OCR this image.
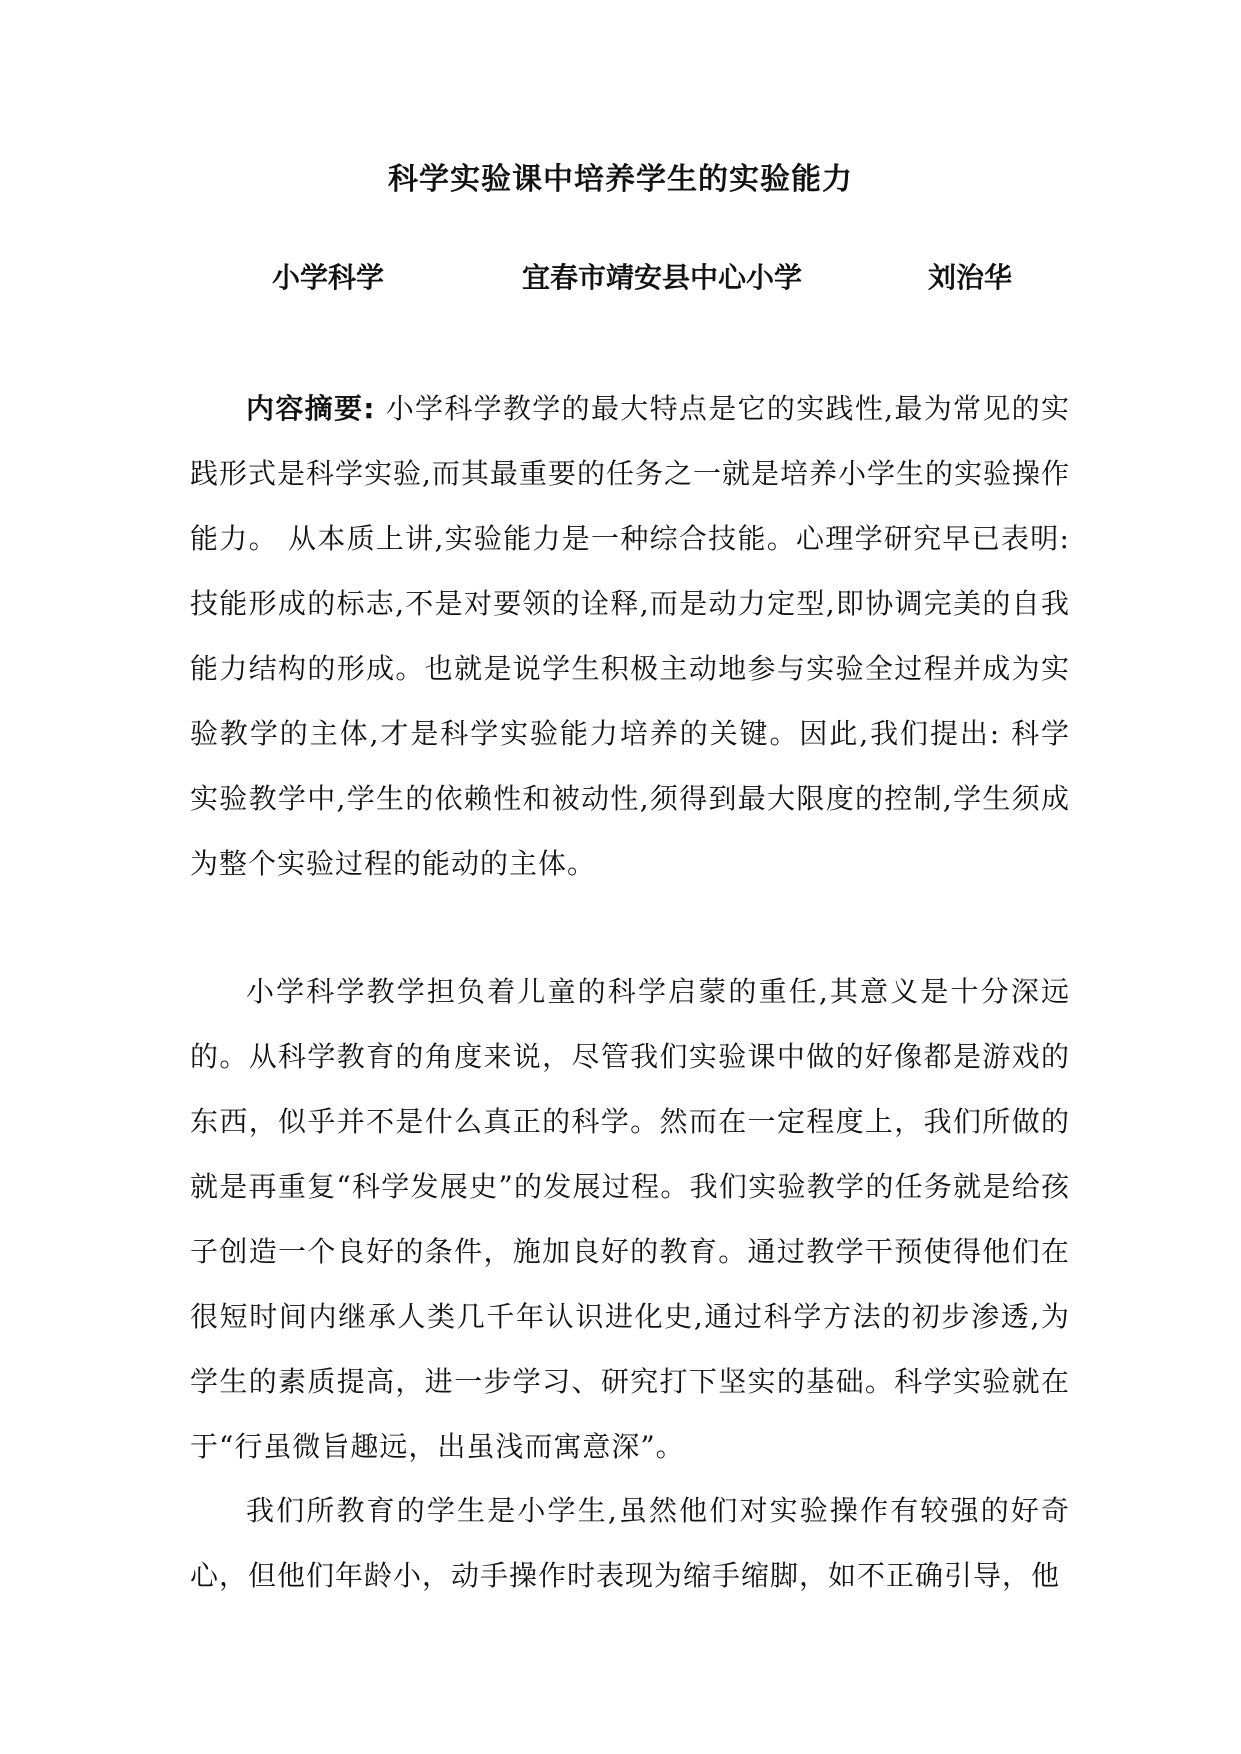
科学实验课中培养学生的实验能力
小学科学	宜春市靖安县中心小学	刘治华

内容摘要: 小学科学教学的最大特点是它的实践性,最为常见的实践形式是科学实验,而其最重要的任务之一就是培养小学生的实验操作能力。 从本质上讲,实验能力是一种综合技能。心理学研究早已表明: 技能形成的标志,不是对要领的诠释,而是动力定型,即协调完美的自我能力结构的形成。也就是说学生积极主动地参与实验全过程并成为实验教学的主体,才是科学实验能力培养的关键。因此,我们提出: 科学实验教学中,学生的依赖性和被动性,须得到最大限度的控制,学生须成为整个实验过程的能动的主体。

小学科学教学担负着儿童的科学启蒙的重任,其意义是十分深远的。从科学教育的角度来说，尽管我们实验课中做的好像都是游戏的东西，似乎并不是什么真正的科学。然而在一定程度上，我们所做的就是再重复“科学发展史”的发展过程。我们实验教学的任务就是给孩子创造一个良好的条件，施加良好的教育。通过教学干预使得他们在很短时间内继承人类几千年认识进化史,通过科学方法的初步渗透,为学生的素质提高，进一步学习、研究打下坚实的基础。科学实验就在于“行虽微旨趣远，出虽浅而寓意深”。

我们所教育的学生是小学生,虽然他们对实验操作有较强的好奇心，但他们年龄小，动手操作时表现为缩手缩脚，如不正确引导，他
